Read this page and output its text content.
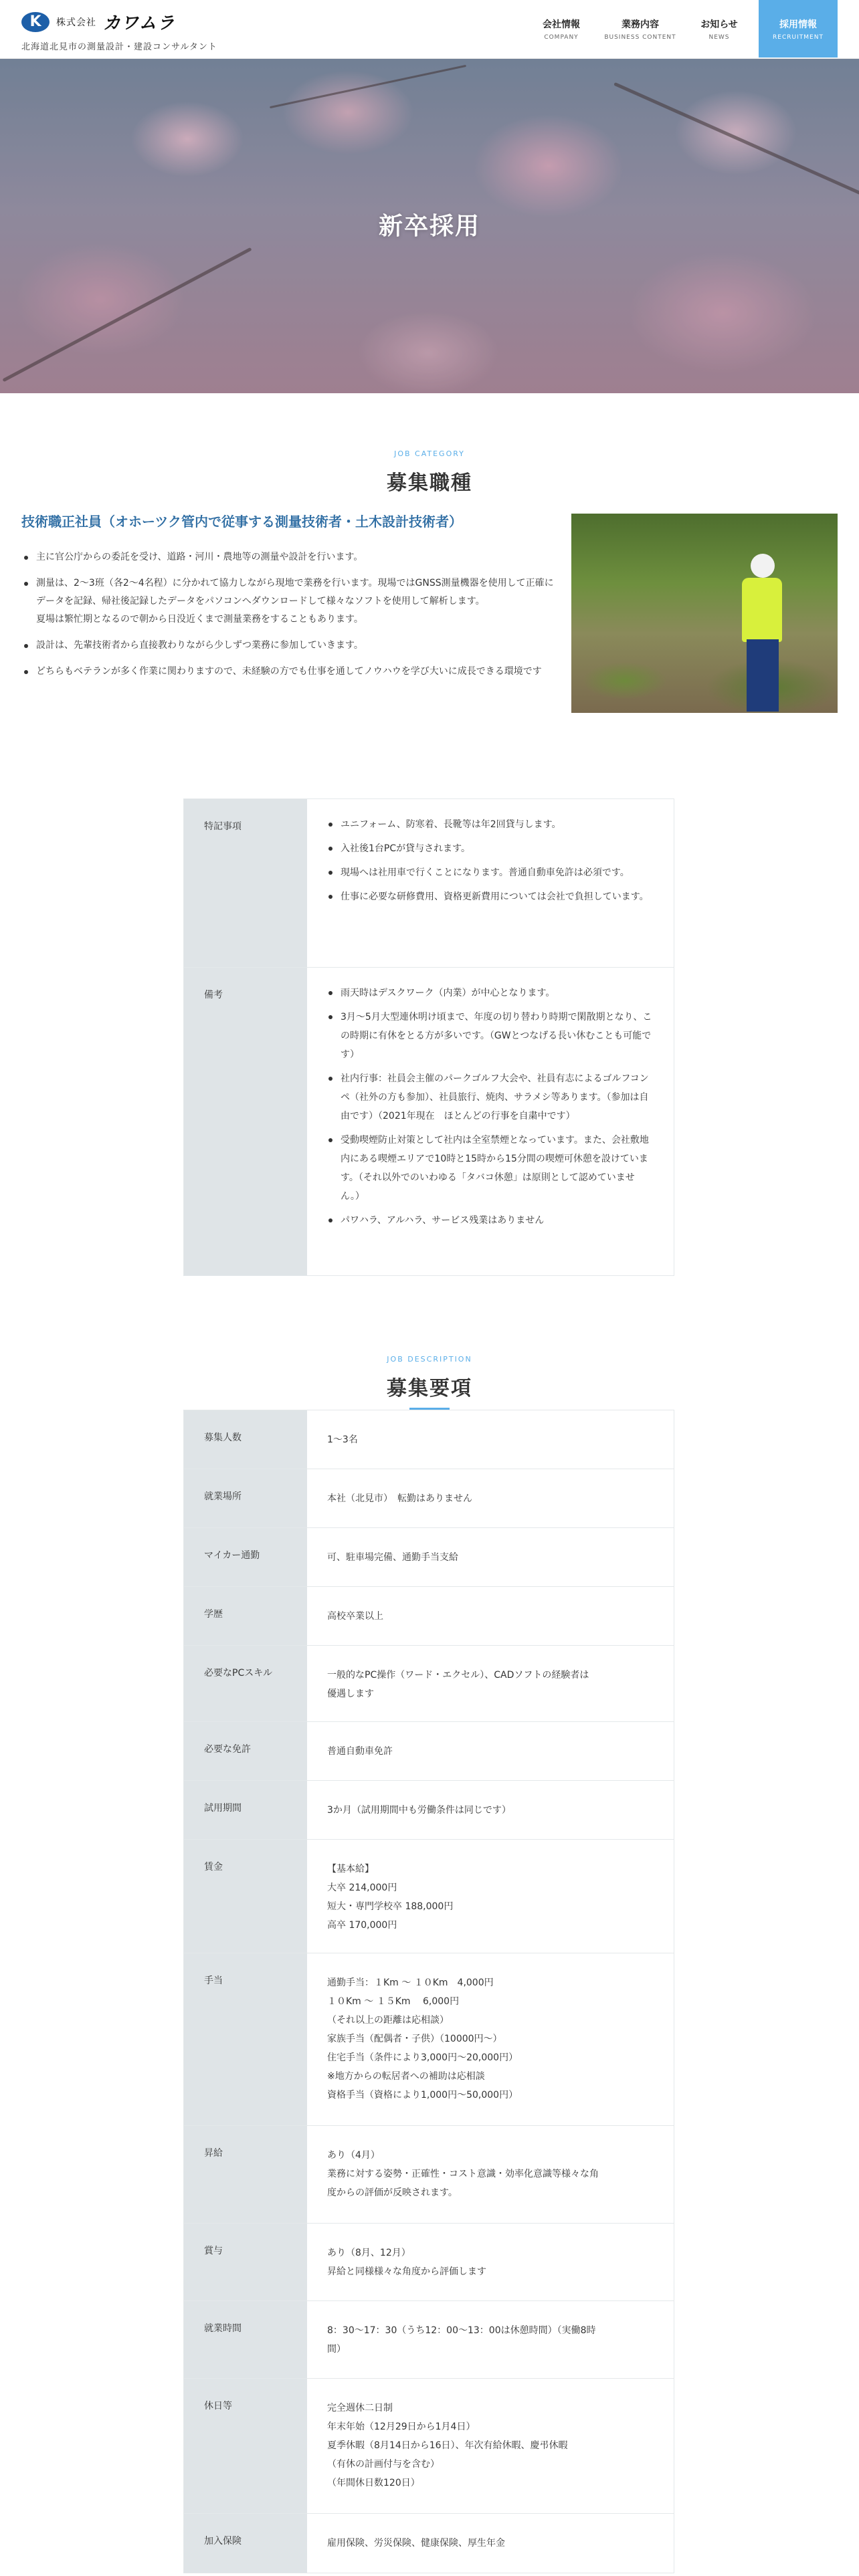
K	株式会社 カワムラ
北海道北見市の測量設計・建設コンサルタント
会社情報
COMPANY
業務内容
BUSINESS CONTENT
お知らせ
NEWS
採用情報
RECRUITMENT
新卒採用
JOB CATEGORY
募集職種
技術職正社員（オホーツク管内で従事する測量技術者・土木設計技術者）
主に官公庁からの委託を受け、道路・河川・農地等の測量や設計を行います。
測量は、2～3班（各2～4名程）に分かれて協力しながら現地で業務を行います。現場ではGNSS測量機器を使用して正確にデータを記録、帰社後記録したデータをパソコンへダウンロードして様々なソフトを使用して解析します。
夏場は繁忙期となるので朝から日没近くまで測量業務をすることもあります。
設計は、先輩技術者から直接教わりながら少しずつ業務に参加していきます。
どちらもベテランが多く作業に関わりますので、未経験の方でも仕事を通してノウハウを学び大いに成長できる環境です
特記事項	ユニフォーム、防寒着、長靴等は年2回貸与します。
入社後1台PCが貸与されます。
現場へは社用車で行くことになります。普通自動車免許は必須です。
仕事に必要な研修費用、資格更新費用については会社で負担しています。
備考	雨天時はデスクワーク（内業）が中心となります。
3月～5月大型連休明け頃まで、年度の切り替わり時期で閑散期となり、この時期に有休をとる方が多いです。（GWとつなげる長い休むことも可能です）
社内行事：社員会主催のパークゴルフ大会や、社員有志によるゴルフコンペ（社外の方も参加）、社員旅行、焼肉、サラメシ等あります。（参加は自由です）（2021年現在　ほとんどの行事を自粛中です）
受動喫煙防止対策として社内は全室禁煙となっています。また、会社敷地内にある喫煙エリアで10時と15時から15分間の喫煙可休憩を設けています。（それ以外でのいわゆる「タバコ休憩」は原則として認めていません。）
パワハラ、アルハラ、サービス残業はありません
JOB DESCRIPTION
募集要項
募集人数	1～3名
就業場所	本社（北見市）　転勤はありません
マイカー通勤	可、駐車場完備、通勤手当支給
学歴	高校卒業以上
必要なPCスキル	一般的なPC操作（ワード・エクセル）、CADソフトの経験者は
優遇します
必要な免許	普通自動車免許
試用期間	3か月（試用期間中も労働条件は同じです）
賃金	【基本給】
大卒 214,000円
短大・専門学校卒 188,000円
高卒 170,000円
手当	通勤手当：１Km ～ １０Km　4,000円
１０Km ～ １５Km　 6,000円
（それ以上の距離は応相談）
家族手当（配偶者・子供）（10000円～）
住宅手当（条件により3,000円～20,000円）
※地方からの転居者への補助は応相談
資格手当（資格により1,000円～50,000円）
昇給	あり（4月）
業務に対する姿勢・正確性・コスト意識・効率化意識等様々な角
度からの評価が反映されます。
賞与	あり（8月、12月）
昇給と同様様々な角度から評価します
就業時間	8：30～17：30（うち12：00～13：00は休憩時間）（実働8時
間）
休日等	完全週休二日制
年末年始（12月29日から1月4日）
夏季休暇（8月14日から16日）、年次有給休暇、慶弔休暇
（有休の計画付与を含む）
（年間休日数120日）
加入保険	雇用保険、労災保険、健康保険、厚生年金
